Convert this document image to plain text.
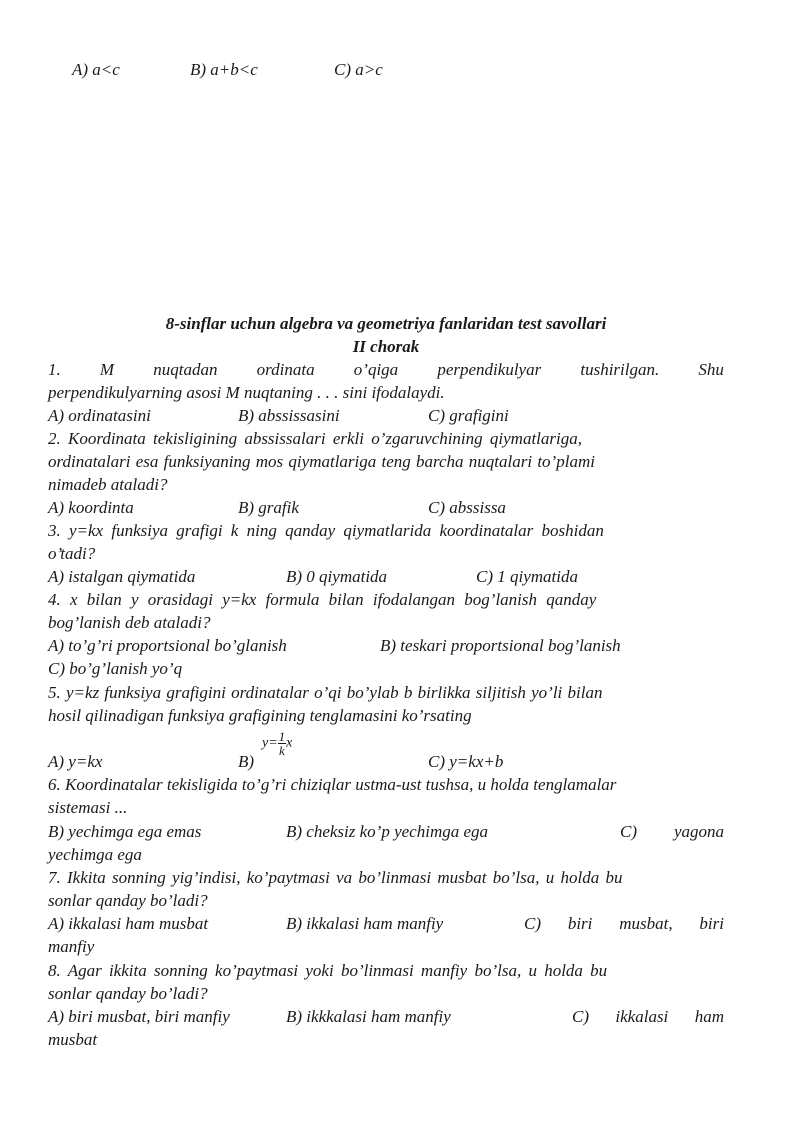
A) a<c	B) a+b<c	C) a>c
8-sinflar uchun algebra va geometriya fanlaridan test savollari
II chorak
1. M nuqtadan ordinata o’qiga perpendikulyar tushirilgan. Shu
perpendikulyarning asosi M nuqtaning . . . sini ifodalaydi.
A) ordinatasini	B) abssissasini	C) grafigini
2. Koordinata tekisligining abssissalari erkli o’zgaruvchining qiymatlariga,
ordinatalari esa funksiyaning mos qiymatlariga teng barcha nuqtalari to’plami
nimadeb ataladi?
A) koordinta	B) grafik	C) abssissa
3. y=kx funksiya grafigi k ning qanday qiymatlarida koordinatalar boshidan
o’tadi?
A) istalgan qiymatida	B) 0 qiymatida	C) 1 qiymatida
4. x bilan y orasidagi y=kx formula bilan ifodalangan bog’lanish qanday
bog’lanish deb ataladi?
A) to’g’ri proportsional bo’glanish	B) teskari proportsional bog’lanish
C) bo’g’lanish yo’q
5. y=kz funksiya grafigini ordinatalar o’qi bo’ylab b birlikka siljitish yo’li bilan
hosil qilinadigan funksiya grafigining tenglamasini ko’rsating
A) y=kx	B)
$y= \frac{1}{k}$ x
C) y=kx+b
6. Koordinatalar tekisligida to’g’ri chiziqlar ustma-ust tushsa, u holda tenglamalar
sistemasi ...
B) yechimga ega emas	B) cheksiz ko’p yechimga ega	C) yagona
yechimga ega
7. Ikkita sonning yig’indisi, ko’paytmasi va bo’linmasi musbat bo’lsa, u holda bu
sonlar qanday bo’ladi?
A) ikkalasi ham musbat	B) ikkalasi ham manfiy	C) biri musbat, biri
manfiy
8. Agar ikkita sonning ko’paytmasi yoki bo’linmasi manfiy bo’lsa, u holda bu
sonlar qanday bo’ladi?
A) biri musbat, biri manfiy	B) ikkkalasi ham manfiy	C) ikkalasi ham
musbat
